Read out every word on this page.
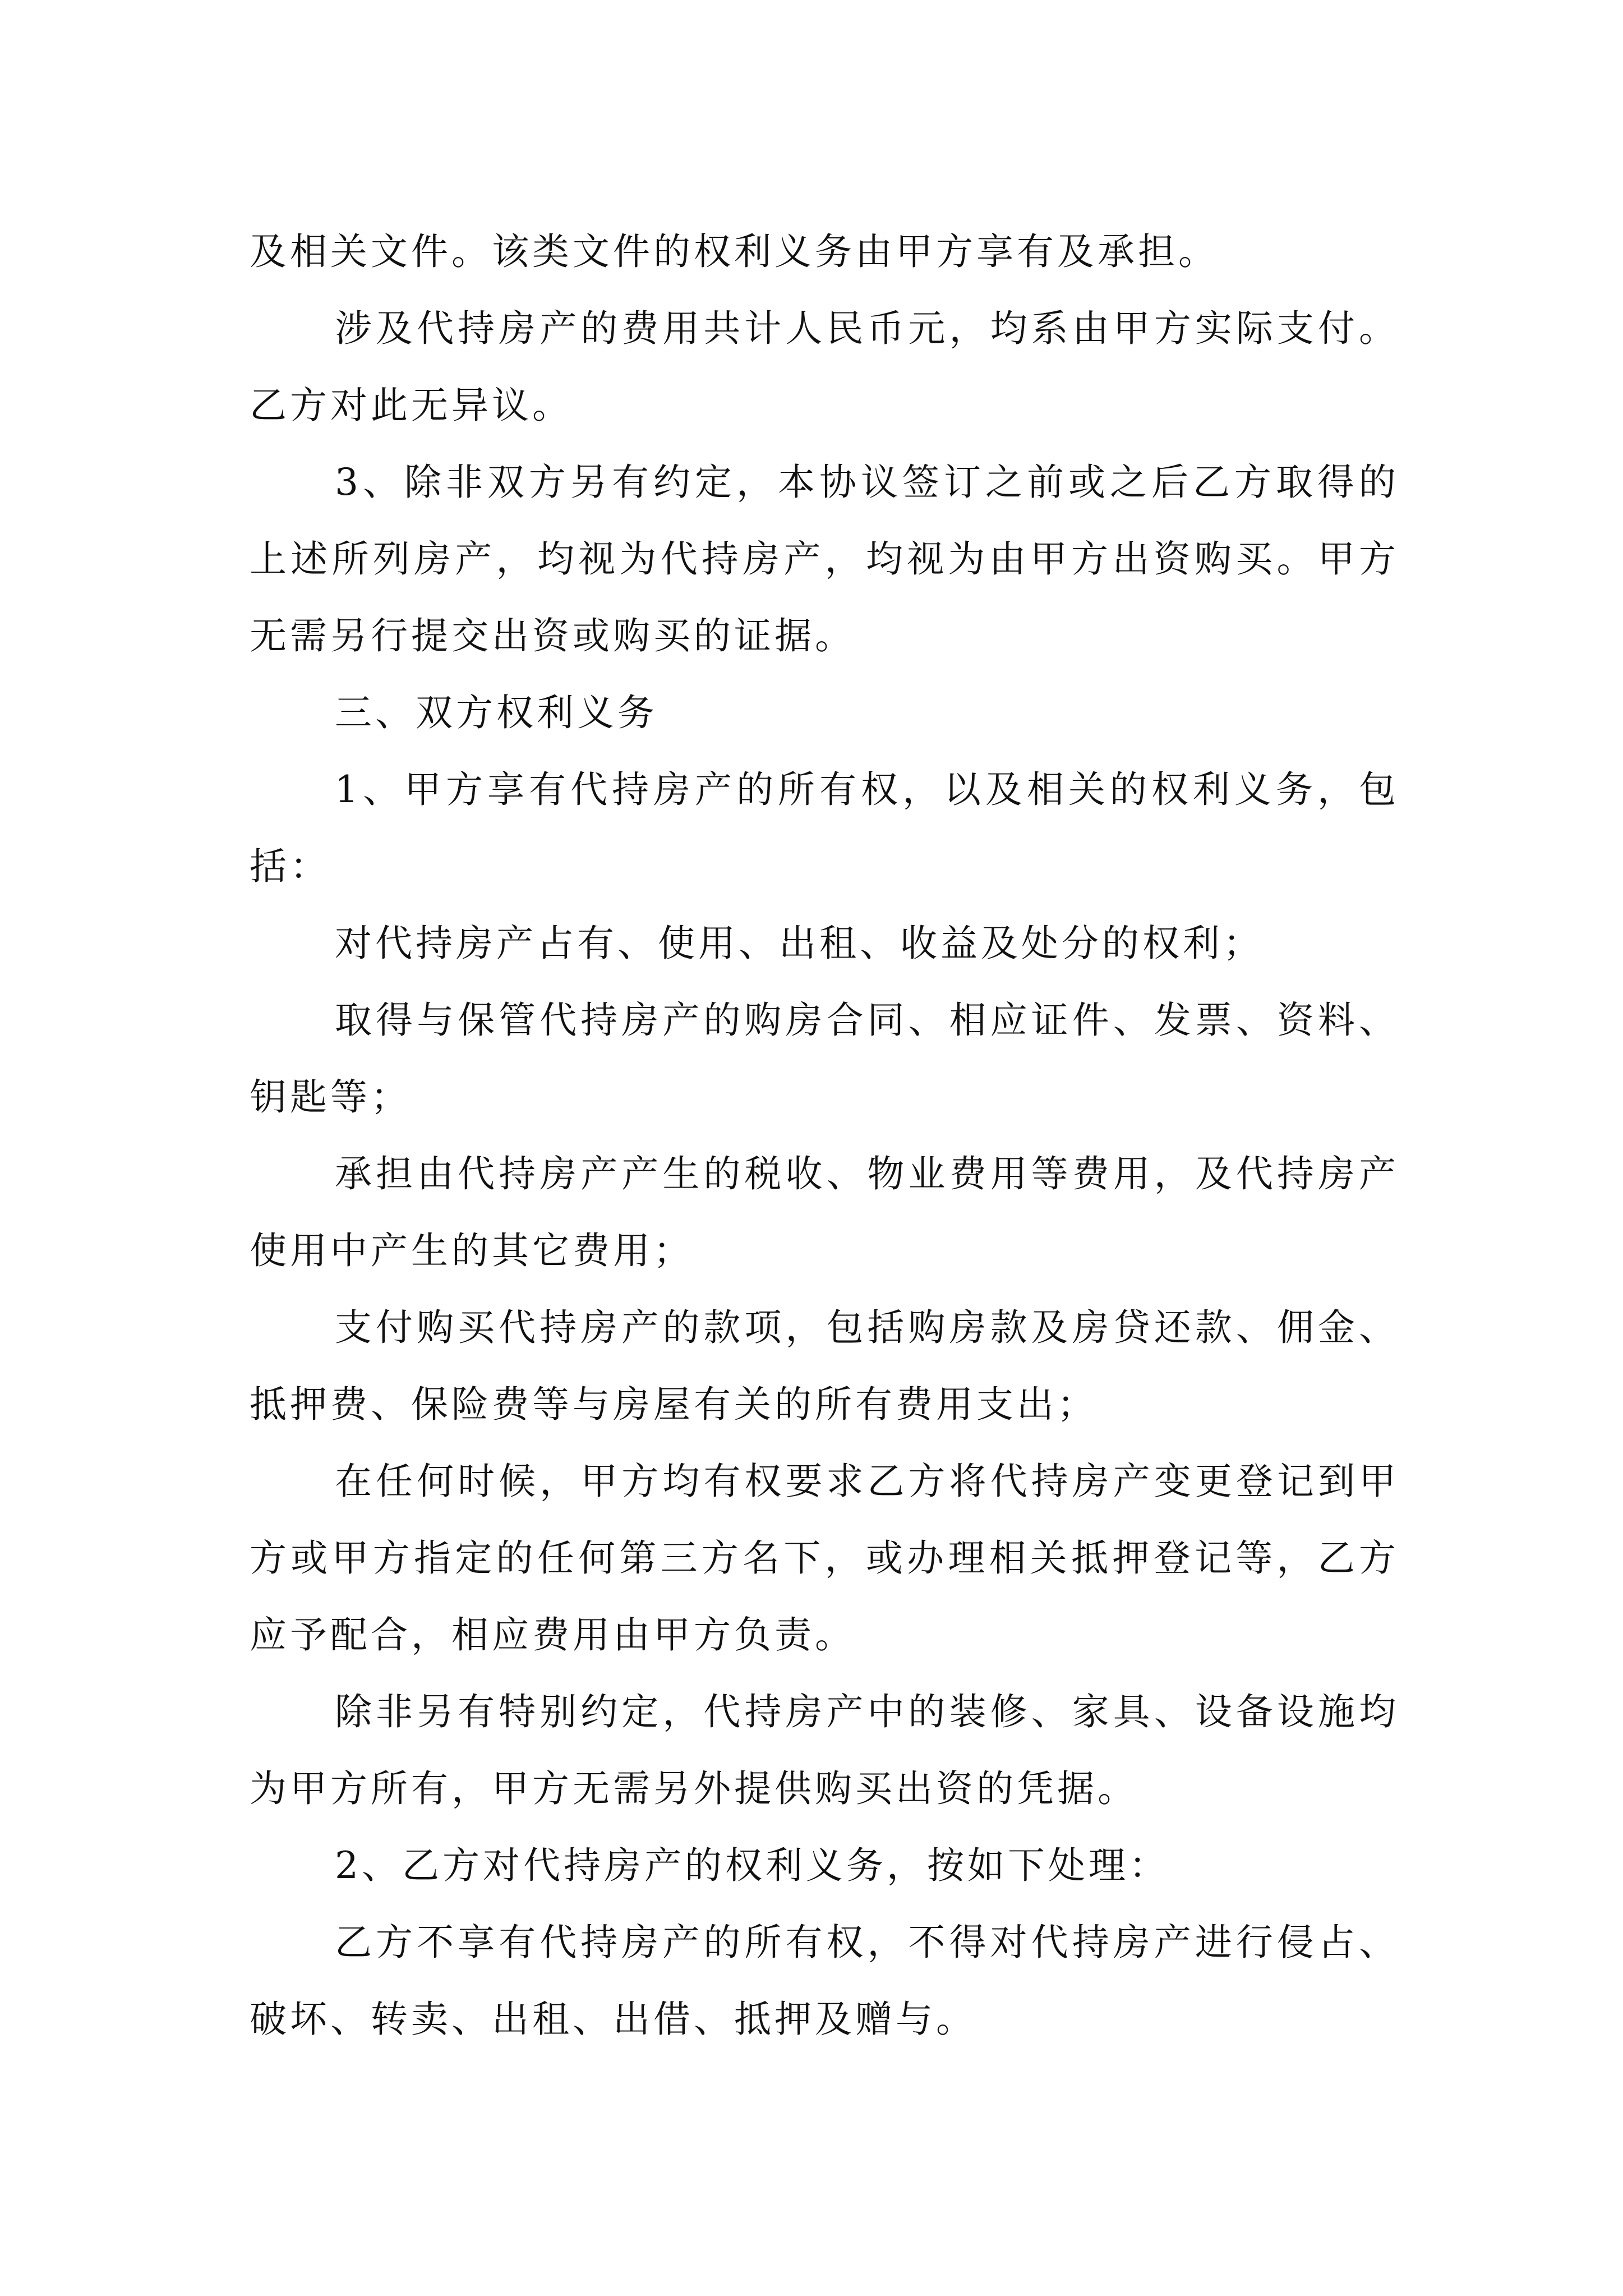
及相关文件。该类文件的权利义务由甲方享有及承担。

涉及代持房产的费用共计人民币元，均系由甲方实际支付。乙方对此无异议。

3、除非双方另有约定，本协议签订之前或之后乙方取得的上述所列房产，均视为代持房产，均视为由甲方出资购买。甲方无需另行提交出资或购买的证据。

三、双方权利义务

1、甲方享有代持房产的所有权，以及相关的权利义务，包括：

对代持房产占有、使用、出租、收益及处分的权利；

取得与保管代持房产的购房合同、相应证件、发票、资料、钥匙等；

承担由代持房产产生的税收、物业费用等费用，及代持房产使用中产生的其它费用；

支付购买代持房产的款项，包括购房款及房贷还款、佣金、抵押费、保险费等与房屋有关的所有费用支出；

在任何时候，甲方均有权要求乙方将代持房产变更登记到甲方或甲方指定的任何第三方名下，或办理相关抵押登记等，乙方应予配合，相应费用由甲方负责。

除非另有特别约定，代持房产中的装修、家具、设备设施均为甲方所有，甲方无需另外提供购买出资的凭据。

2、乙方对代持房产的权利义务，按如下处理：

乙方不享有代持房产的所有权，不得对代持房产进行侵占、破坏、转卖、出租、出借、抵押及赠与。
